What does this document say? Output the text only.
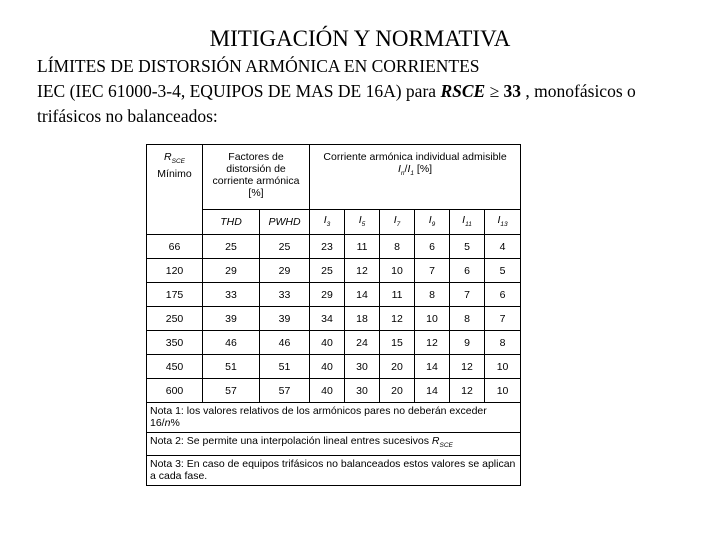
MITIGACIÓN Y NORMATIVA
LÍMITES DE DISTORSIÓN ARMÓNICA EN CORRIENTES
IEC (IEC 61000-3-4, EQUIPOS DE MAS DE 16A) para RSCE ≥ 33 , monofásicos o
trifásicos no balanceados:
$R_{SCE}$
Mínimo	Factores de distorsión de corriente armónica [%]		Corriente armónica individual admisible
$I_n/I_1$ [%]					
	THD	PWHD	$I_3$	$I_5$	$I_7$	$I_9$	$I_{11}$	$I_{13}$
66	25	25	23	11	8	6	5	4
120	29	29	25	12	10	7	6	5
175	33	33	29	14	11	8	7	6
250	39	39	34	18	12	10	8	7
350	46	46	40	24	15	12	9	8
450	51	51	40	30	20	14	12	10
600	57	57	40	30	20	14	12	10
Nota 1: los valores relativos de los armónicos pares no deberán exceder 16/n%								
Nota 2: Se permite una interpolación lineal entres sucesivos $R_{SCE}$
Nota 3: En caso de equipos trifásicos no balanceados estos valores se aplican a cada fase.								
